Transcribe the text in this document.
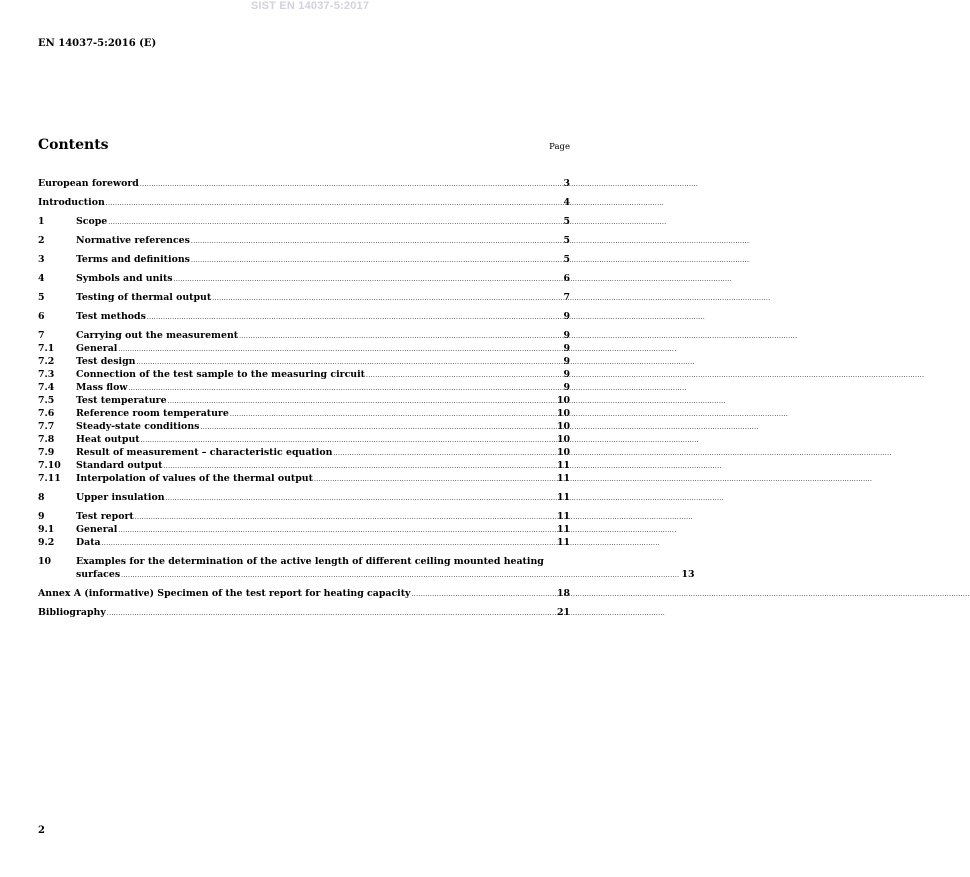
SIST EN 14037-5:2017
EN 14037-5:2016 (E)
Contents	Page
European foreword .....	3
Introduction .....	4
1	Scope .....	5
2	Normative references .....	5
3	Terms and definitions .....	5
4	Symbols and units .....	6
5	Testing of thermal output .....	7
6	Test methods .....	9
7	Carrying out the measurement .....	9
7.1	General .....	9
7.2	Test design .....	9
7.3	Connection of the test sample to the measuring circuit .....	9
7.4	Mass flow .....	9
7.5	Test temperature .....	10
7.6	Reference room temperature .....	10
7.7	Steady-state conditions .....	10
7.8	Heat output .....	10
7.9	Result of measurement – characteristic equation .....	10
7.10	Standard output .....	11
7.11	Interpolation of values of the thermal output .....	11
8	Upper insulation .....	11
9	Test report .....	11
9.1	General .....	11
9.2	Data .....	11
10	Examples for the determination of the active length of different ceiling mounted heating
surfaces .....	13
Annex A (informative) Specimen of the test report for heating capacity .....	18
Bibliography .....	21
2
